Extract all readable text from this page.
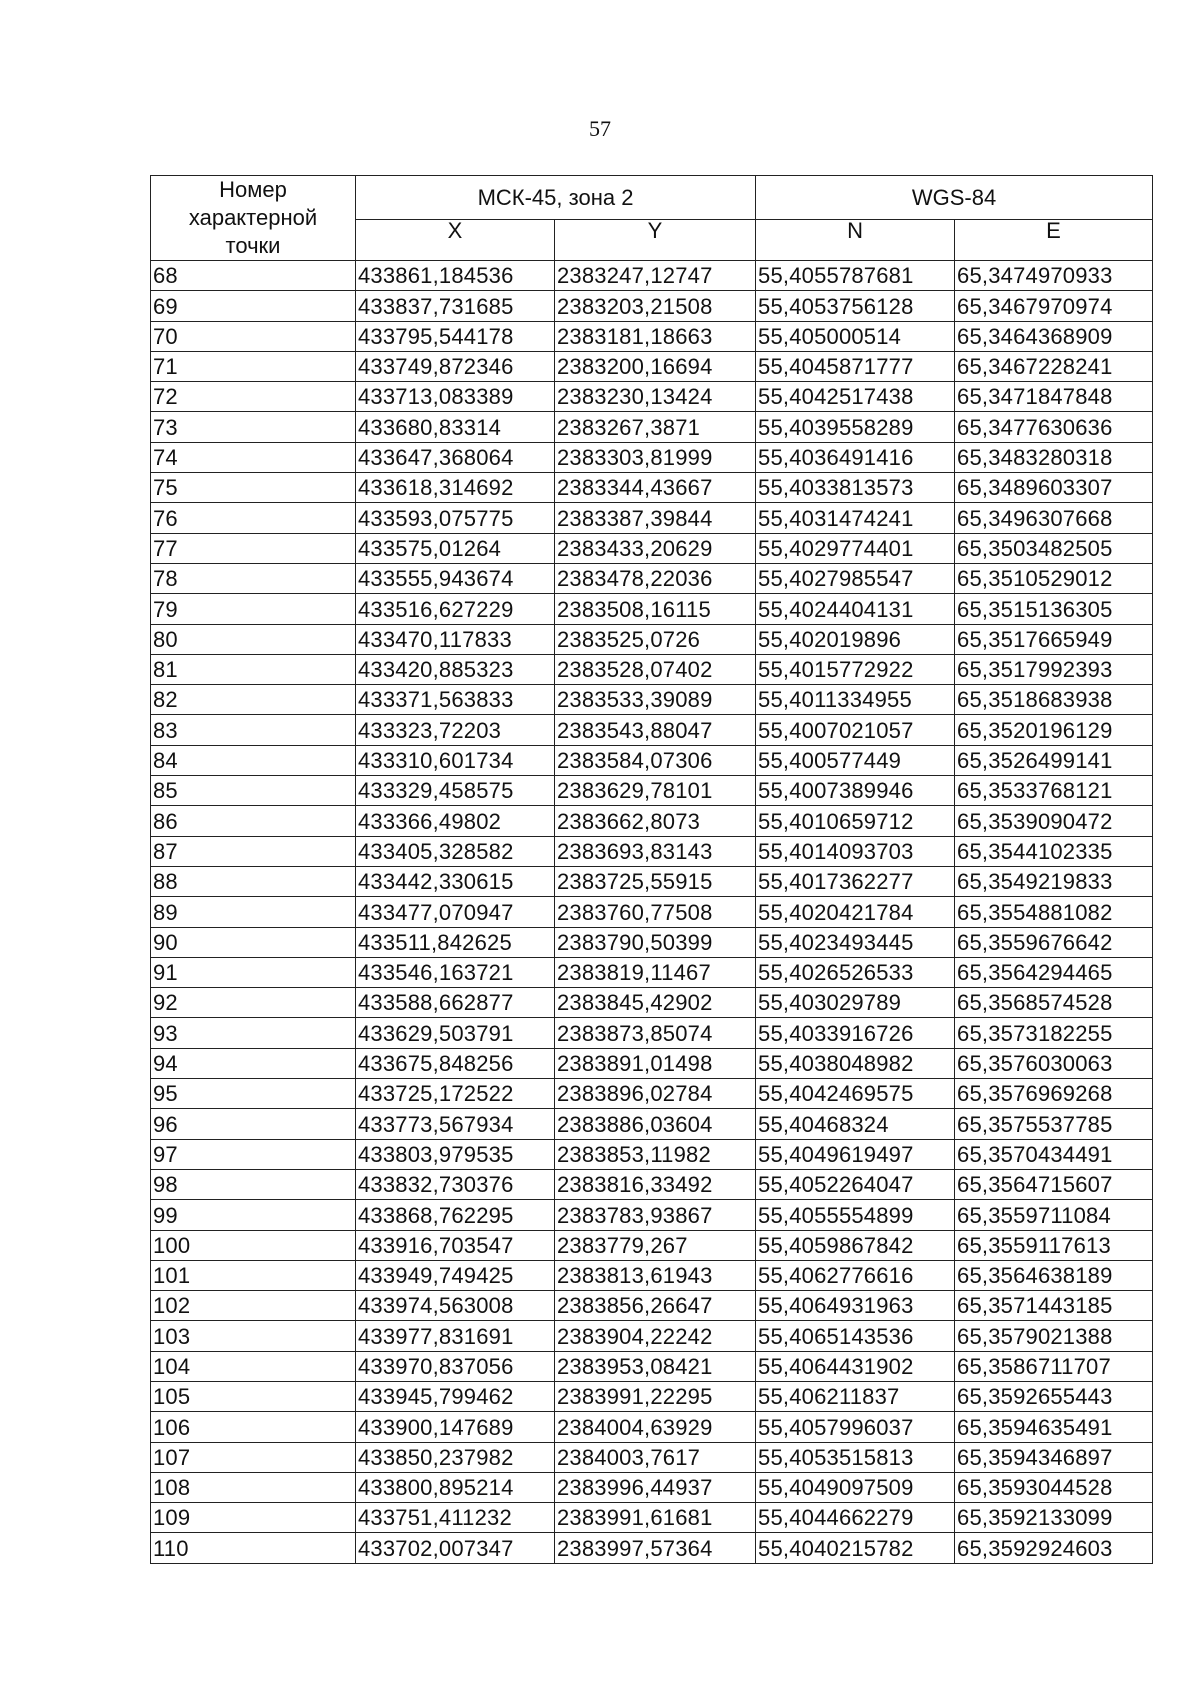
57
Номер характерной точки	МСК-45, зона 2		WGS-84	
	X	Y	N	E
68	433861,184536	2383247,12747	55,4055787681	65,3474970933
69	433837,731685	2383203,21508	55,4053756128	65,3467970974
70	433795,544178	2383181,18663	55,405000514	65,3464368909
71	433749,872346	2383200,16694	55,4045871777	65,3467228241
72	433713,083389	2383230,13424	55,4042517438	65,3471847848
73	433680,83314	2383267,3871	55,4039558289	65,3477630636
74	433647,368064	2383303,81999	55,4036491416	65,3483280318
75	433618,314692	2383344,43667	55,4033813573	65,3489603307
76	433593,075775	2383387,39844	55,4031474241	65,3496307668
77	433575,01264	2383433,20629	55,4029774401	65,3503482505
78	433555,943674	2383478,22036	55,4027985547	65,3510529012
79	433516,627229	2383508,16115	55,4024404131	65,3515136305
80	433470,117833	2383525,0726	55,402019896	65,3517665949
81	433420,885323	2383528,07402	55,4015772922	65,3517992393
82	433371,563833	2383533,39089	55,4011334955	65,3518683938
83	433323,72203	2383543,88047	55,4007021057	65,3520196129
84	433310,601734	2383584,07306	55,400577449	65,3526499141
85	433329,458575	2383629,78101	55,4007389946	65,3533768121
86	433366,49802	2383662,8073	55,4010659712	65,3539090472
87	433405,328582	2383693,83143	55,4014093703	65,3544102335
88	433442,330615	2383725,55915	55,4017362277	65,3549219833
89	433477,070947	2383760,77508	55,4020421784	65,3554881082
90	433511,842625	2383790,50399	55,4023493445	65,3559676642
91	433546,163721	2383819,11467	55,4026526533	65,3564294465
92	433588,662877	2383845,42902	55,403029789	65,3568574528
93	433629,503791	2383873,85074	55,4033916726	65,3573182255
94	433675,848256	2383891,01498	55,4038048982	65,3576030063
95	433725,172522	2383896,02784	55,4042469575	65,3576969268
96	433773,567934	2383886,03604	55,40468324	65,3575537785
97	433803,979535	2383853,11982	55,4049619497	65,3570434491
98	433832,730376	2383816,33492	55,4052264047	65,3564715607
99	433868,762295	2383783,93867	55,4055554899	65,3559711084
100	433916,703547	2383779,267	55,4059867842	65,3559117613
101	433949,749425	2383813,61943	55,4062776616	65,3564638189
102	433974,563008	2383856,26647	55,4064931963	65,3571443185
103	433977,831691	2383904,22242	55,4065143536	65,3579021388
104	433970,837056	2383953,08421	55,4064431902	65,3586711707
105	433945,799462	2383991,22295	55,406211837	65,3592655443
106	433900,147689	2384004,63929	55,4057996037	65,3594635491
107	433850,237982	2384003,7617	55,4053515813	65,3594346897
108	433800,895214	2383996,44937	55,4049097509	65,3593044528
109	433751,411232	2383991,61681	55,4044662279	65,3592133099
110	433702,007347	2383997,57364	55,4040215782	65,3592924603
